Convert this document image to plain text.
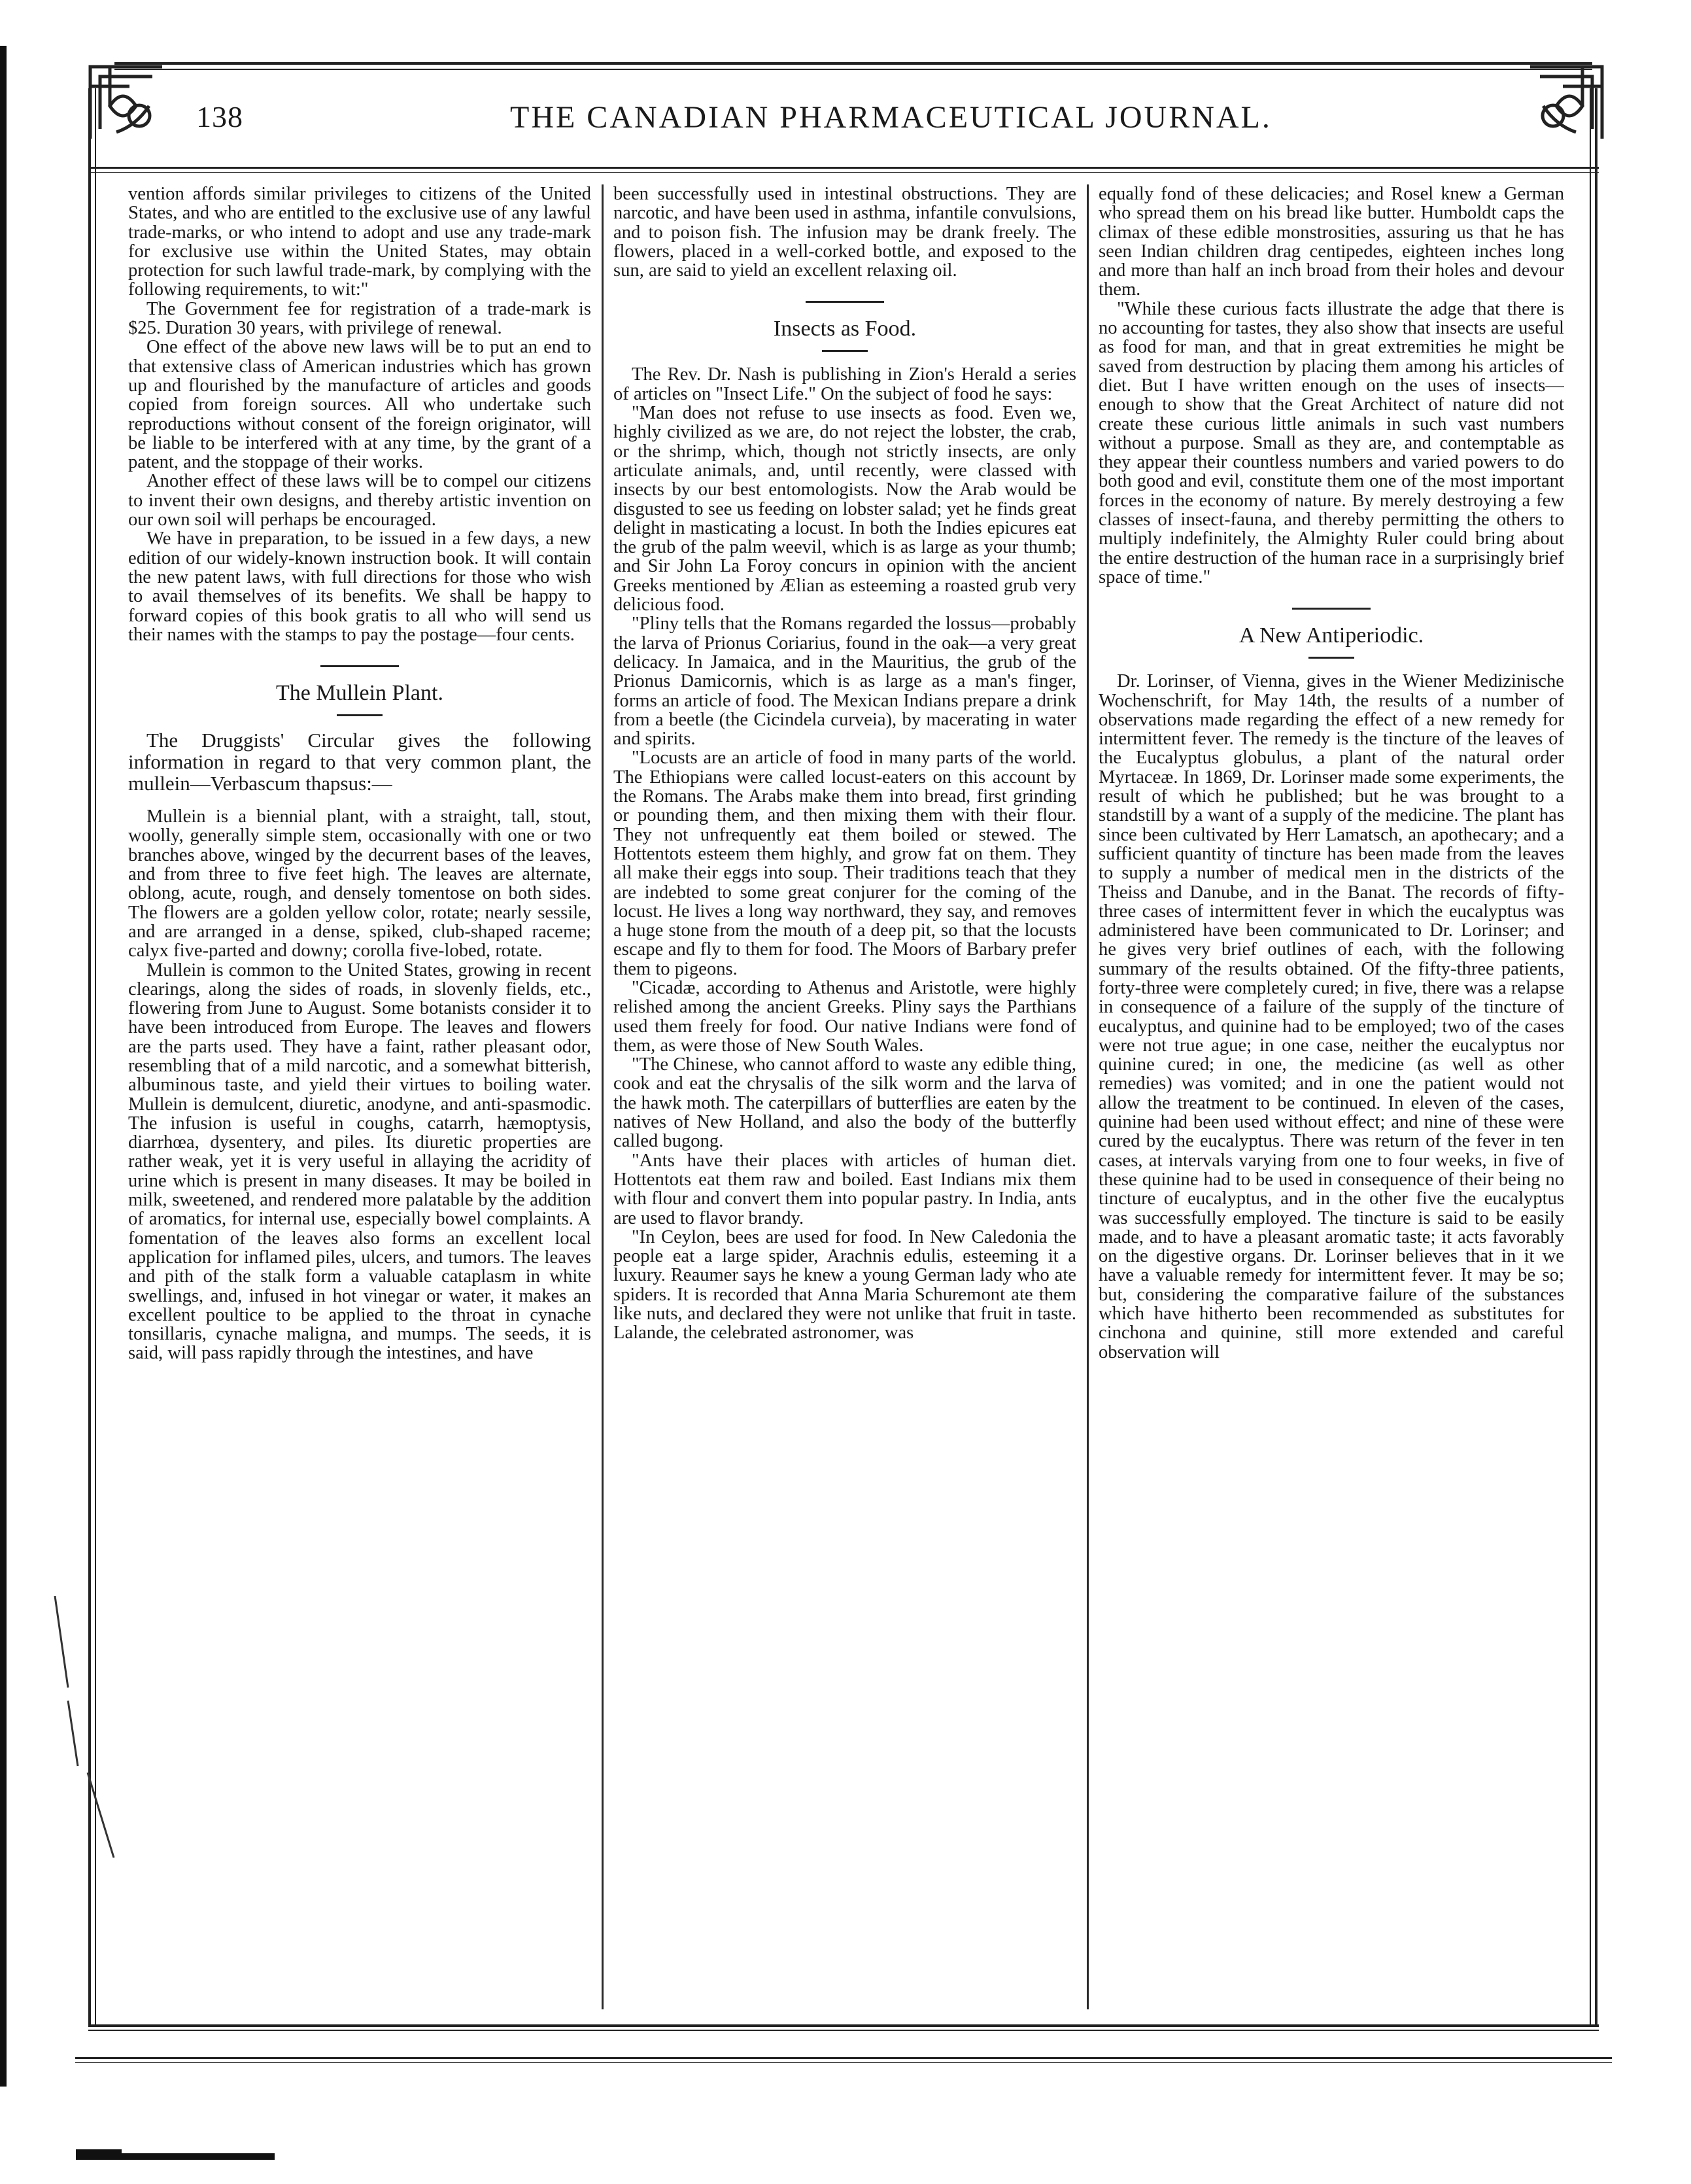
138	THE CANADIAN PHARMACEUTICAL JOURNAL.

vention affords similar privileges to citizens of the United States, and who are entitled to the exclusive use of any lawful trade-marks, or who intend to adopt and use any trade-mark for exclusive use within the United States, may obtain protection for such lawful trade-mark, by complying with the following requirements, to wit:"

The Government fee for registration of a trade-mark is $25. Duration 30 years, with privilege of renewal.

One effect of the above new laws will be to put an end to that extensive class of American industries which has grown up and flourished by the manufacture of articles and goods copied from foreign sources. All who undertake such reproductions without consent of the foreign originator, will be liable to be interfered with at any time, by the grant of a patent, and the stoppage of their works.

Another effect of these laws will be to compel our citizens to invent their own designs, and thereby artistic invention on our own soil will perhaps be encouraged.

We have in preparation, to be issued in a few days, a new edition of our widely-known instruction book. It will contain the new patent laws, with full directions for those who wish to avail themselves of its benefits. We shall be happy to forward copies of this book gratis to all who will send us their names with the stamps to pay the postage—four cents.

The Mullein Plant.

The Druggists' Circular gives the following information in regard to that very common plant, the mullein—Verbascum thapsus:—

Mullein is a biennial plant, with a straight, tall, stout, woolly, generally simple stem, occasionally with one or two branches above, winged by the decurrent bases of the leaves, and from three to five feet high. The leaves are alternate, oblong, acute, rough, and densely tomentose on both sides. The flowers are a golden yellow color, rotate; nearly sessile, and are arranged in a dense, spiked, club-shaped raceme; calyx five-parted and downy; corolla five-lobed, rotate.

Mullein is common to the United States, growing in recent clearings, along the sides of roads, in slovenly fields, etc., flowering from June to August. Some botanists consider it to have been introduced from Europe. The leaves and flowers are the parts used. They have a faint, rather pleasant odor, resembling that of a mild narcotic, and a somewhat bitterish, albuminous taste, and yield their virtues to boiling water. Mullein is demulcent, diuretic, anodyne, and anti-spasmodic. The infusion is useful in coughs, catarrh, hæmoptysis, diarrhœa, dysentery, and piles. Its diuretic properties are rather weak, yet it is very useful in allaying the acridity of urine which is present in many diseases. It may be boiled in milk, sweetened, and rendered more palatable by the addition of aromatics, for internal use, especially bowel complaints. A fomentation of the leaves also forms an excellent local application for inflamed piles, ulcers, and tumors. The leaves and pith of the stalk form a valuable cataplasm in white swellings, and, infused in hot vinegar or water, it makes an excellent poultice to be applied to the throat in cynache tonsillaris, cynache maligna, and mumps. The seeds, it is said, will pass rapidly through the intestines, and have

been successfully used in intestinal obstructions. They are narcotic, and have been used in asthma, infantile convulsions, and to poison fish. The infusion may be drank freely. The flowers, placed in a well-corked bottle, and exposed to the sun, are said to yield an excellent relaxing oil.

Insects as Food.

The Rev. Dr. Nash is publishing in Zion's Herald a series of articles on "Insect Life." On the subject of food he says:

"Man does not refuse to use insects as food. Even we, highly civilized as we are, do not reject the lobster, the crab, or the shrimp, which, though not strictly insects, are only articulate animals, and, until recently, were classed with insects by our best entomologists. Now the Arab would be disgusted to see us feeding on lobster salad; yet he finds great delight in masticating a locust. In both the Indies epicures eat the grub of the palm weevil, which is as large as your thumb; and Sir John La Foroy concurs in opinion with the ancient Greeks mentioned by Ælian as esteeming a roasted grub very delicious food.

"Pliny tells that the Romans regarded the lossus—probably the larva of Prionus Coriarius, found in the oak—a very great delicacy. In Jamaica, and in the Mauritius, the grub of the Prionus Damicornis, which is as large as a man's finger, forms an article of food. The Mexican Indians prepare a drink from a beetle (the Cicindela curveia), by macerating in water and spirits.

"Locusts are an article of food in many parts of the world. The Ethiopians were called locust-eaters on this account by the Romans. The Arabs make them into bread, first grinding or pounding them, and then mixing them with their flour. They not unfrequently eat them boiled or stewed. The Hottentots esteem them highly, and grow fat on them. They all make their eggs into soup. Their traditions teach that they are indebted to some great conjurer for the coming of the locust. He lives a long way northward, they say, and removes a huge stone from the mouth of a deep pit, so that the locusts escape and fly to them for food. The Moors of Barbary prefer them to pigeons.

"Cicadæ, according to Athenus and Aristotle, were highly relished among the ancient Greeks. Pliny says the Parthians used them freely for food. Our native Indians were fond of them, as were those of New South Wales.

"The Chinese, who cannot afford to waste any edible thing, cook and eat the chrysalis of the silk worm and the larva of the hawk moth. The caterpillars of butterflies are eaten by the natives of New Holland, and also the body of the butterfly called bugong.

"Ants have their places with articles of human diet. Hottentots eat them raw and boiled. East Indians mix them with flour and convert them into popular pastry. In India, ants are used to flavor brandy.

"In Ceylon, bees are used for food. In New Caledonia the people eat a large spider, Arachnis edulis, esteeming it a luxury. Reaumer says he knew a young German lady who ate spiders. It is recorded that Anna Maria Schuremont ate them like nuts, and declared they were not unlike that fruit in taste. Lalande, the celebrated astronomer, was

equally fond of these delicacies; and Rosel knew a German who spread them on his bread like butter. Humboldt caps the climax of these edible monstrosities, assuring us that he has seen Indian children drag centipedes, eighteen inches long and more than half an inch broad from their holes and devour them.

"While these curious facts illustrate the adge that there is no accounting for tastes, they also show that insects are useful as food for man, and that in great extremities he might be saved from destruction by placing them among his articles of diet. But I have written enough on the uses of insects—enough to show that the Great Architect of nature did not create these curious little animals in such vast numbers without a purpose. Small as they are, and contemptable as they appear their countless numbers and varied powers to do both good and evil, constitute them one of the most important forces in the economy of nature. By merely destroying a few classes of insect-fauna, and thereby permitting the others to multiply indefinitely, the Almighty Ruler could bring about the entire destruction of the human race in a surprisingly brief space of time."

A New Antiperiodic.

Dr. Lorinser, of Vienna, gives in the Wiener Medizinische Wochenschrift, for May 14th, the results of a number of observations made regarding the effect of a new remedy for intermittent fever. The remedy is the tincture of the leaves of the Eucalyptus globulus, a plant of the natural order Myrtaceæ. In 1869, Dr. Lorinser made some experiments, the result of which he published; but he was brought to a standstill by a want of a supply of the medicine. The plant has since been cultivated by Herr Lamatsch, an apothecary; and a sufficient quantity of tincture has been made from the leaves to supply a number of medical men in the districts of the Theiss and Danube, and in the Banat. The records of fifty-three cases of intermittent fever in which the eucalyptus was administered have been communicated to Dr. Lorinser; and he gives very brief outlines of each, with the following summary of the results obtained. Of the fifty-three patients, forty-three were completely cured; in five, there was a relapse in consequence of a failure of the supply of the tincture of eucalyptus, and quinine had to be employed; two of the cases were not true ague; in one case, neither the eucalyptus nor quinine cured; in one, the medicine (as well as other remedies) was vomited; and in one the patient would not allow the treatment to be continued. In eleven of the cases, quinine had been used without effect; and nine of these were cured by the eucalyptus. There was return of the fever in ten cases, at intervals varying from one to four weeks, in five of these quinine had to be used in consequence of their being no tincture of eucalyptus, and in the other five the eucalyptus was successfully employed. The tincture is said to be easily made, and to have a pleasant aromatic taste; it acts favorably on the digestive organs. Dr. Lorinser believes that in it we have a valuable remedy for intermittent fever. It may be so; but, considering the comparative failure of the substances which have hitherto been recommended as substitutes for cinchona and quinine, still more extended and careful observation will
